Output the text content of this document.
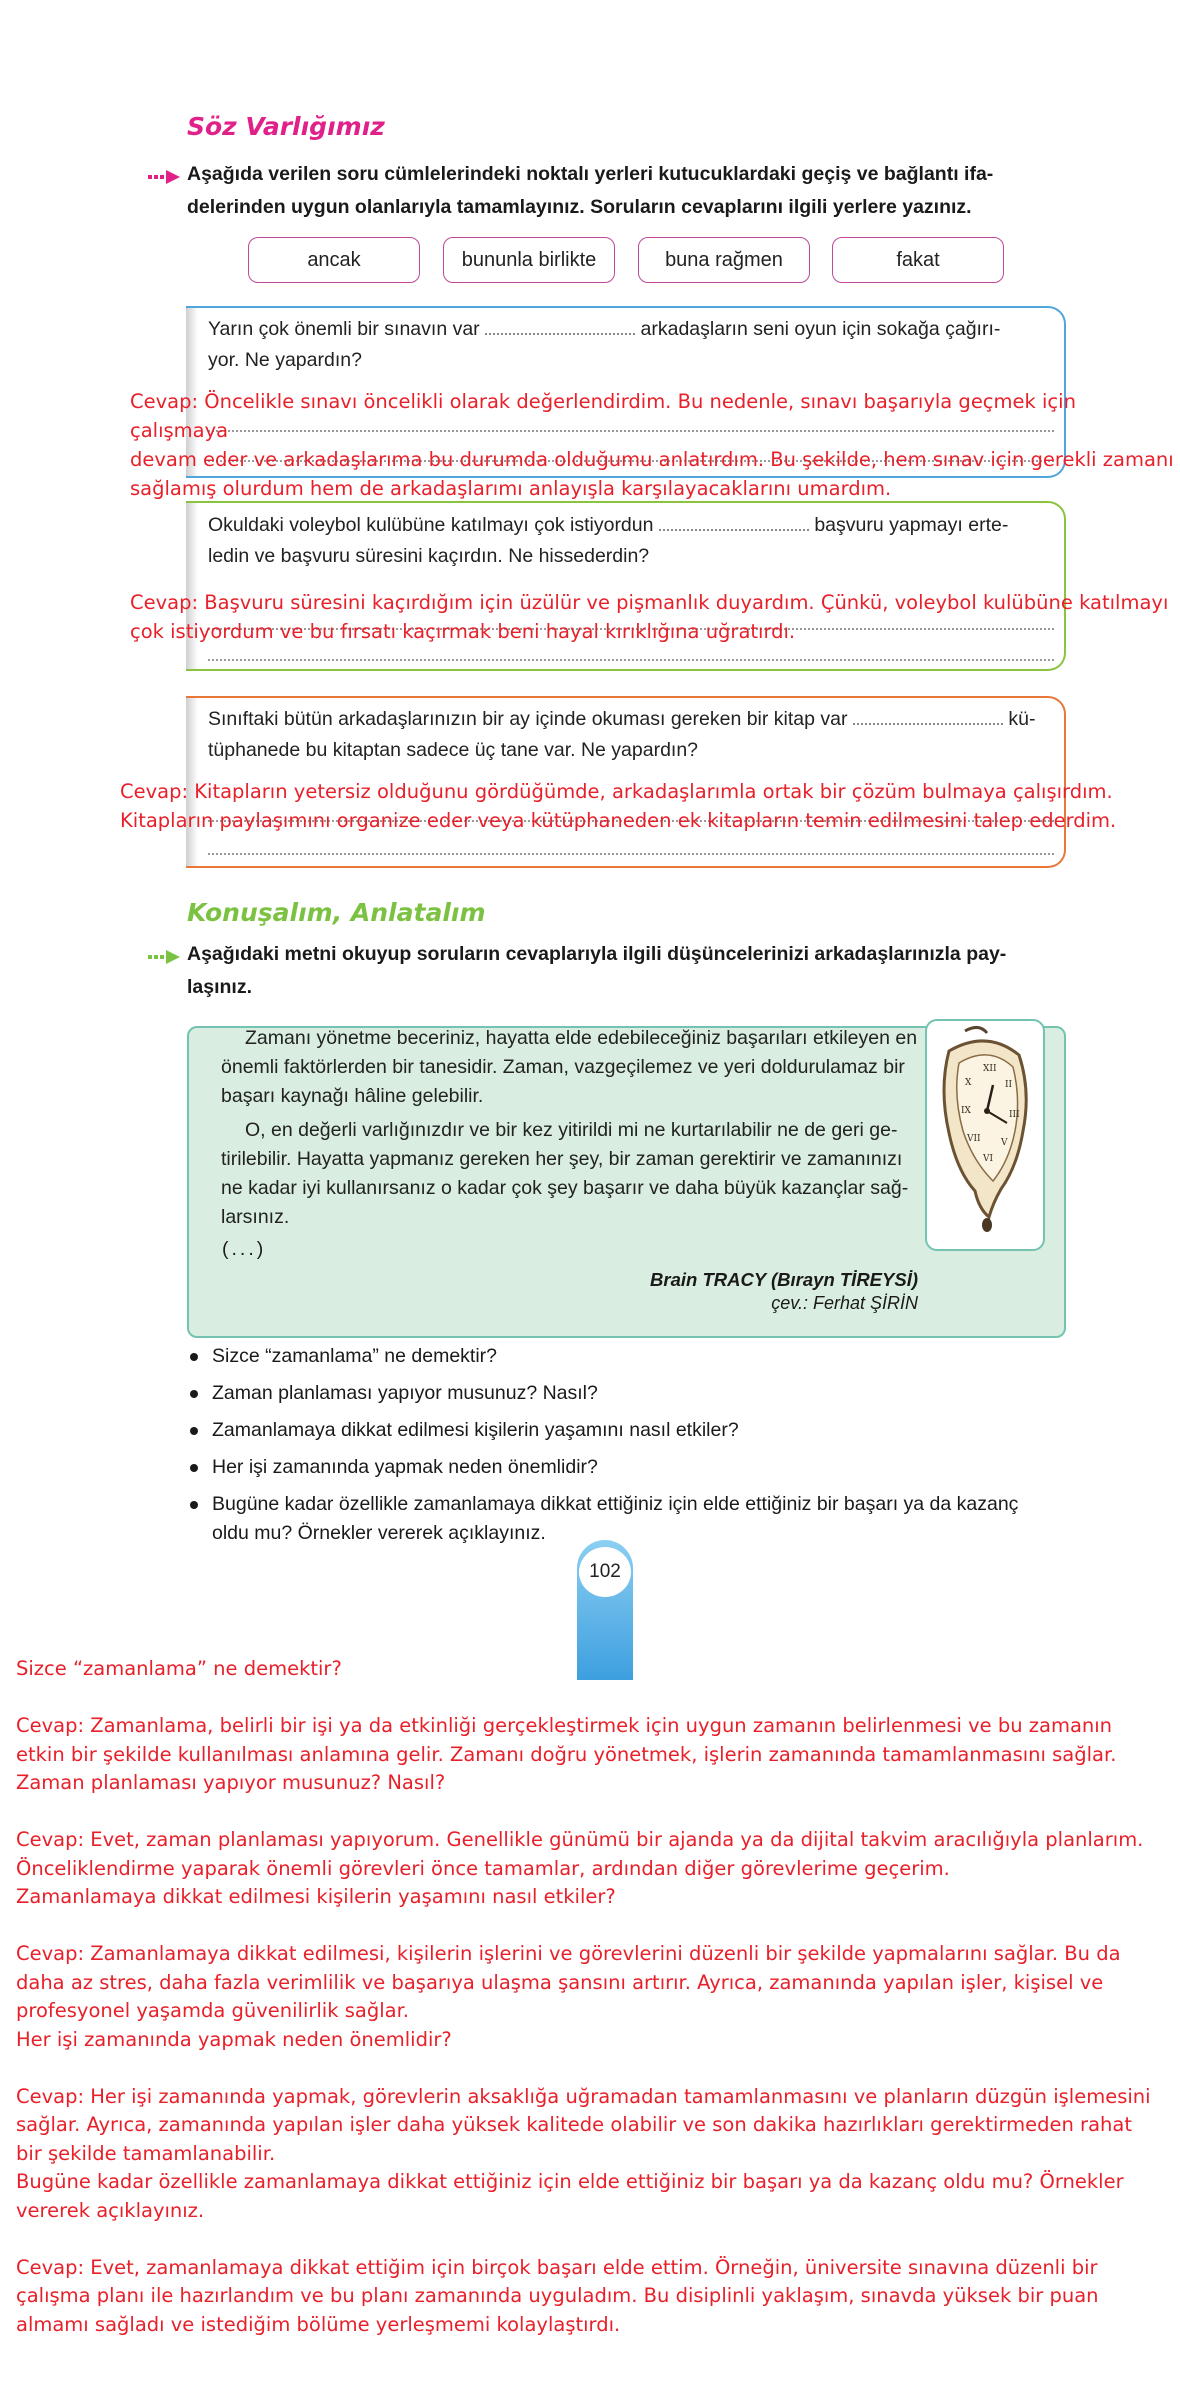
Söz Varlığımız
Aşağıda verilen soru cümlelerindeki noktalı yerleri kutucuklardaki geçiş ve bağlantı ifa-
delerinden uygun olanlarıyla tamamlayınız. Soruların cevaplarını ilgili yerlere yazınız.
ancak	bununla birlikte	buna rağmen	fakat
Yarın çok önemli bir sınavın var	arkadaşların seni oyun için sokağa çağırı-
yor. Ne yapardın?
Cevap: Öncelikle sınavı öncelikli olarak değerlendirdim. Bu nedenle, sınavı başarıyla geçmek için çalışmaya
devam eder ve arkadaşlarıma bu durumda olduğumu anlatırdım. Bu şekilde, hem sınav için gerekli zamanı
sağlamış olurdum hem de arkadaşlarımı anlayışla karşılayacaklarını umardım.
Okuldaki voleybol kulübüne katılmayı çok istiyordun	başvuru yapmayı erte-
ledin ve başvuru süresini kaçırdın. Ne hissederdin?
Cevap: Başvuru süresini kaçırdığım için üzülür ve pişmanlık duyardım. Çünkü, voleybol kulübüne katılmayı
çok istiyordum ve bu fırsatı kaçırmak beni hayal kırıklığına uğratırdı.
Sınıftaki bütün arkadaşlarınızın bir ay içinde okuması gereken bir kitap var	kü-
tüphanede bu kitaptan sadece üç tane var. Ne yapardın?
Cevap: Kitapların yetersiz olduğunu gördüğümde, arkadaşlarımla ortak bir çözüm bulmaya çalışırdım.
Kitapların paylaşımını organize eder veya kütüphaneden ek kitapların temin edilmesini talep ederdim.
Konuşalım, Anlatalım
Aşağıdaki metni okuyup soruların cevaplarıyla ilgili düşüncelerinizi arkadaşlarınızla pay-
laşınız.
Zamanı yönetme beceriniz, hayatta elde edebileceğiniz başarıları etkileyen en
önemli faktörlerden bir tanesidir. Zaman, vazgeçilemez ve yeri doldurulamaz bir
başarı kaynağı hâline gelebilir.
O, en değerli varlığınızdır ve bir kez yitirildi mi ne kurtarılabilir ne de geri ge-
tirilebilir. Hayatta yapmanız gereken her şey, bir zaman gerektirir ve zamanınızı
ne kadar iyi kullanırsanız o kadar çok şey başarır ve daha büyük kazançlar sağ-
larsınız.
(...)
Brain TRACY (Bırayn TİREYSİ)
çev.: Ferhat ŞİRİN
XII
II
III
V
VI
VII
IX
X
Sizce “zamanlama” ne demektir?
Zaman planlaması yapıyor musunuz? Nasıl?
Zamanlamaya dikkat edilmesi kişilerin yaşamını nasıl etkiler?
Her işi zamanında yapmak neden önemlidir?
Bugüne kadar özellikle zamanlamaya dikkat ettiğiniz için elde ettiğiniz bir başarı ya da kazanç oldu mu? Örnekler vererek açıklayınız.
102
Sizce “zamanlama” ne demektir?

Cevap: Zamanlama, belirli bir işi ya da etkinliği gerçekleştirmek için uygun zamanın belirlenmesi ve bu zamanın
etkin bir şekilde kullanılması anlamına gelir. Zamanı doğru yönetmek, işlerin zamanında tamamlanmasını sağlar.
Zaman planlaması yapıyor musunuz? Nasıl?

Cevap: Evet, zaman planlaması yapıyorum. Genellikle günümü bir ajanda ya da dijital takvim aracılığıyla planlarım.
Önceliklendirme yaparak önemli görevleri önce tamamlar, ardından diğer görevlerime geçerim.
Zamanlamaya dikkat edilmesi kişilerin yaşamını nasıl etkiler?

Cevap: Zamanlamaya dikkat edilmesi, kişilerin işlerini ve görevlerini düzenli bir şekilde yapmalarını sağlar. Bu da
daha az stres, daha fazla verimlilik ve başarıya ulaşma şansını artırır. Ayrıca, zamanında yapılan işler, kişisel ve
profesyonel yaşamda güvenilirlik sağlar.
Her işi zamanında yapmak neden önemlidir?

Cevap: Her işi zamanında yapmak, görevlerin aksaklığa uğramadan tamamlanmasını ve planların düzgün işlemesini
sağlar. Ayrıca, zamanında yapılan işler daha yüksek kalitede olabilir ve son dakika hazırlıkları gerektirmeden rahat
bir şekilde tamamlanabilir.
Bugüne kadar özellikle zamanlamaya dikkat ettiğiniz için elde ettiğiniz bir başarı ya da kazanç oldu mu? Örnekler
vererek açıklayınız.

Cevap: Evet, zamanlamaya dikkat ettiğim için birçok başarı elde ettim. Örneğin, üniversite sınavına düzenli bir
çalışma planı ile hazırlandım ve bu planı zamanında uyguladım. Bu disiplinli yaklaşım, sınavda yüksek bir puan
almamı sağladı ve istediğim bölüme yerleşmemi kolaylaştırdı.
